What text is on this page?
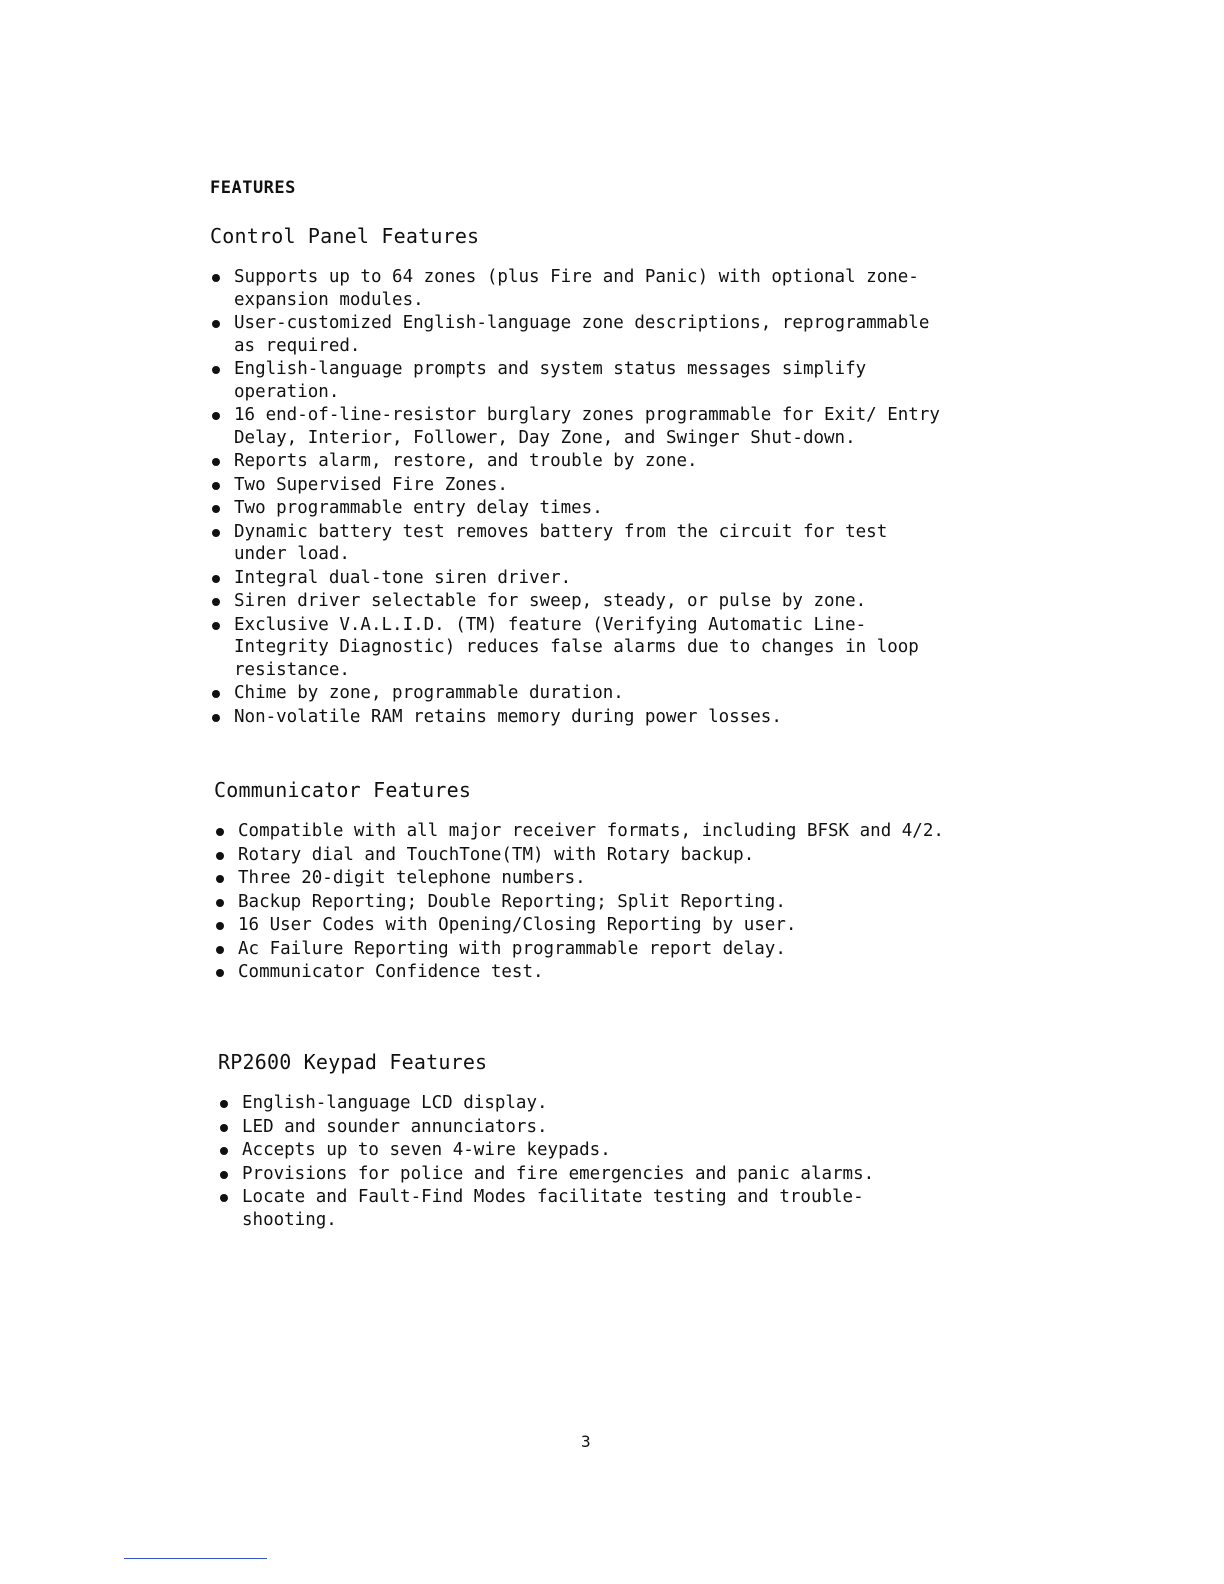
FEATURES
Control Panel Features
Supports up to 64 zones (plus Fire and Panic) with optional zone-expansion modules.
User-customized English-language zone descriptions, reprogrammable as required.
English-language prompts and system status messages simplify operation.
16 end-of-line-resistor burglary zones programmable for Exit/ Entry Delay, Interior, Follower, Day Zone, and Swinger Shut-down.
Reports alarm, restore, and trouble by zone.
Two Supervised Fire Zones.
Two programmable entry delay times.
Dynamic battery test removes battery from the circuit for test under load.
Integral dual-tone siren driver.
Siren driver selectable for sweep, steady, or pulse by zone.
Exclusive V.A.L.I.D. (TM) feature (Verifying Automatic Line-Integrity Diagnostic) reduces false alarms due to changes in loop resistance.
Chime by zone, programmable duration.
Non-volatile RAM retains memory during power losses.
Communicator Features
Compatible with all major receiver formats, including BFSK and 4/2.
Rotary dial and TouchTone(TM) with Rotary backup.
Three 20-digit telephone numbers.
Backup Reporting; Double Reporting; Split Reporting.
16 User Codes with Opening/Closing Reporting by user.
Ac Failure Reporting with programmable report delay.
Communicator Confidence test.
RP2600 Keypad Features
English-language LCD display.
LED and sounder annunciators.
Accepts up to seven 4-wire keypads.
Provisions for police and fire emergencies and panic alarms.
Locate and Fault-Find Modes facilitate testing and trouble-shooting.
3
